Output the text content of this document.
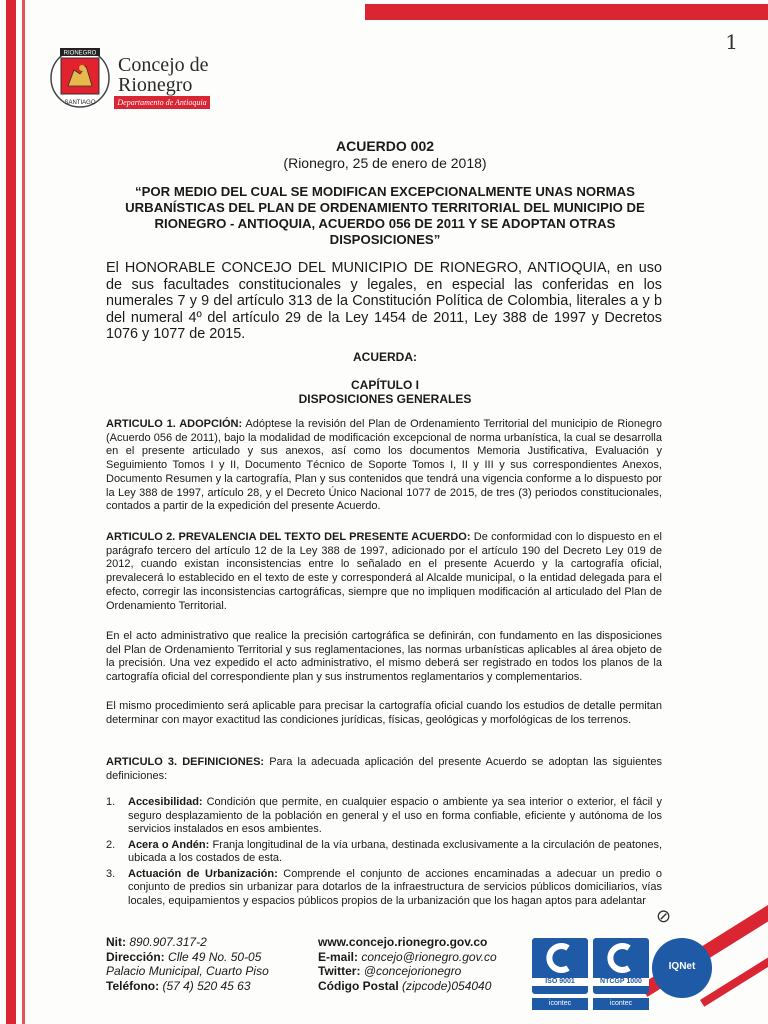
1
RIONEGRO
SANTIAGO
Concejo de
Rionegro
Departamento de Antioquia
ACUERDO 002
(Rionegro, 25 de enero de 2018)
“POR MEDIO DEL CUAL SE MODIFICAN EXCEPCIONALMENTE UNAS NORMAS URBANÍSTICAS DEL PLAN DE ORDENAMIENTO TERRITORIAL DEL MUNICIPIO DE RIONEGRO - ANTIOQUIA, ACUERDO 056 DE 2011 Y SE ADOPTAN OTRAS DISPOSICIONES”
El HONORABLE CONCEJO DEL MUNICIPIO DE RIONEGRO, ANTIOQUIA, en uso de sus facultades constitucionales y legales, en especial las conferidas en los numerales 7 y 9 del artículo 313 de la Constitución Política de Colombia, literales a y b del numeral 4º del artículo 29 de la Ley 1454 de 2011, Ley 388 de 1997 y Decretos 1076 y 1077 de 2015.
ACUERDA:
CAPÍTULO I
DISPOSICIONES GENERALES
ARTICULO 1. ADOPCIÓN: Adóptese la revisión del Plan de Ordenamiento Territorial del municipio de Rionegro (Acuerdo 056 de 2011), bajo la modalidad de modificación excepcional de norma urbanística, la cual se desarrolla en el presente articulado y sus anexos, así como los documentos Memoria Justificativa, Evaluación y Seguimiento Tomos I y II, Documento Técnico de Soporte Tomos I, II y III y sus correspondientes Anexos, Documento Resumen y la cartografía, Plan y sus contenidos que tendrá una vigencia conforme a lo dispuesto por la Ley 388 de 1997, artículo 28, y el Decreto Único Nacional 1077 de 2015, de tres (3) periodos constitucionales, contados a partir de la expedición del presente Acuerdo.
ARTICULO 2. PREVALENCIA DEL TEXTO DEL PRESENTE ACUERDO: De conformidad con lo dispuesto en el parágrafo tercero del artículo 12 de la Ley 388 de 1997, adicionado por el artículo 190 del Decreto Ley 019 de 2012, cuando existan inconsistencias entre lo señalado en el presente Acuerdo y la cartografía oficial, prevalecerá lo establecido en el texto de este y corresponderá al Alcalde municipal, o la entidad delegada para el efecto, corregir las inconsistencias cartográficas, siempre que no impliquen modificación al articulado del Plan de Ordenamiento Territorial.
En el acto administrativo que realice la precisión cartográfica se definirán, con fundamento en las disposiciones del Plan de Ordenamiento Territorial y sus reglamentaciones, las normas urbanísticas aplicables al área objeto de la precisión. Una vez expedido el acto administrativo, el mismo deberá ser registrado en todos los planos de la cartografía oficial del correspondiente plan y sus instrumentos reglamentarios y complementarios.
El mismo procedimiento será aplicable para precisar la cartografía oficial cuando los estudios de detalle permitan determinar con mayor exactitud las condiciones jurídicas, físicas, geológicas y morfológicas de los terrenos.
ARTICULO 3. DEFINICIONES: Para la adecuada aplicación del presente Acuerdo se adoptan las siguientes definiciones:
1. Accesibilidad: Condición que permite, en cualquier espacio o ambiente ya sea interior o exterior, el fácil y seguro desplazamiento de la población en general y el uso en forma confiable, eficiente y autónoma de los servicios instalados en esos ambientes.
2. Acera o Andén: Franja longitudinal de la vía urbana, destinada exclusivamente a la circulación de peatones, ubicada a los costados de esta.
3. Actuación de Urbanización: Comprende el conjunto de acciones encaminadas a adecuar un predio o conjunto de predios sin urbanizar para dotarlos de la infraestructura de servicios públicos domiciliarios, vías locales, equipamientos y espacios públicos propios de la urbanización que los hagan aptos para adelantar
⊘
Nit: 890.907.317-2
Dirección: Clle 49 No. 50-05
Palacio Municipal, Cuarto Piso
Teléfono: (57 4) 520 45 63
www.concejo.rionegro.gov.co
E-mail: concejo@rionegro.gov.co
Twitter: @concejorionegro
Código Postal (zipcode)054040	ISO 9001
icontec
NTCGP 1000
icontec
IQNet
